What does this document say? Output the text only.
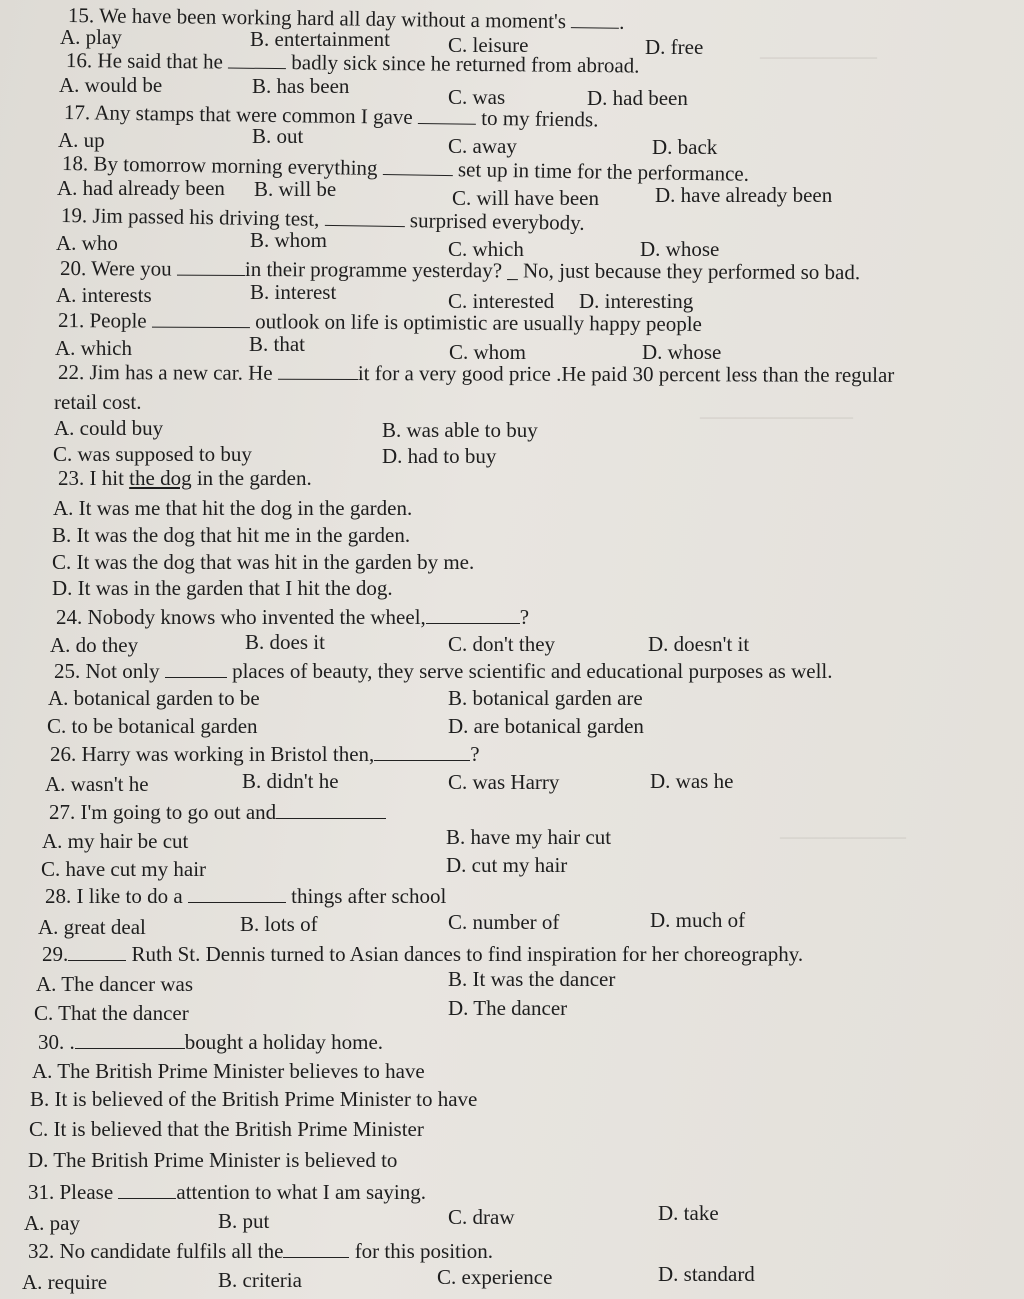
_____________
_________________
______________
15. We have been working hard all day without a moment's	.
A. play	B. entertainment	C. leisure	D. free
16. He said that he	badly sick since he returned from abroad.
A. would be	B. has been	C. was	D. had been
17. Any stamps that were common I gave	to my friends.
A. up	B. out	C. away	D. back
18. By tomorrow morning everything	set up in time for the performance.
A. had already been B. will be	C. will have been	D. have already been
19. Jim passed his driving test,	surprised everybody.
A. who	B. whom	C. which	D. whose
20. Were you	in their programme yesterday? _ No, just because they performed so bad.
A. interests	B. interest	C. interested D. interesting
21. People	outlook on life is optimistic are usually happy people
A. which	B. that	C. whom	D. whose
22. Jim has a new car. He	it for a very good price .He paid 30 percent less than the regular
retail cost.
A. could buy	B. was able to buy
C. was supposed to buy	D. had to buy
23. I hit the dog in the garden.
A. It was me that hit the dog in the garden.
B. It was the dog that hit me in the garden.
C. It was the dog that was hit in the garden by me.
D. It was in the garden that I hit the dog.
24. Nobody knows who invented the wheel,	?
A. do they	B. does it	C. don't they	D. doesn't it
25. Not only	places of beauty, they serve scientific and educational purposes as well.
A. botanical garden to be	B. botanical garden are
C. to be botanical garden	D. are botanical garden
26. Harry was working in Bristol then,	?
A. wasn't he	B. didn't he	C. was Harry	D. was he
27. I'm going to go out and
A. my hair be cut	B. have my hair cut
C. have cut my hair	D. cut my hair
28. I like to do a	things after school
A. great deal	B. lots of	C. number of	D. much of
29.	Ruth St. Dennis turned to Asian dances to find inspiration for her choreography.
A. The dancer was	B. It was the dancer
C. That the dancer	D. The dancer
30. .	bought a holiday home.
A. The British Prime Minister believes to have
B. It is believed of the British Prime Minister to have
C. It is believed that the British Prime Minister
D. The British Prime Minister is believed to
31. Please	attention to what I am saying.
A. pay	B. put	C. draw	D. take
32. No candidate fulfils all the	for this position.
A. require	B. criteria	C. experience	D. standard
